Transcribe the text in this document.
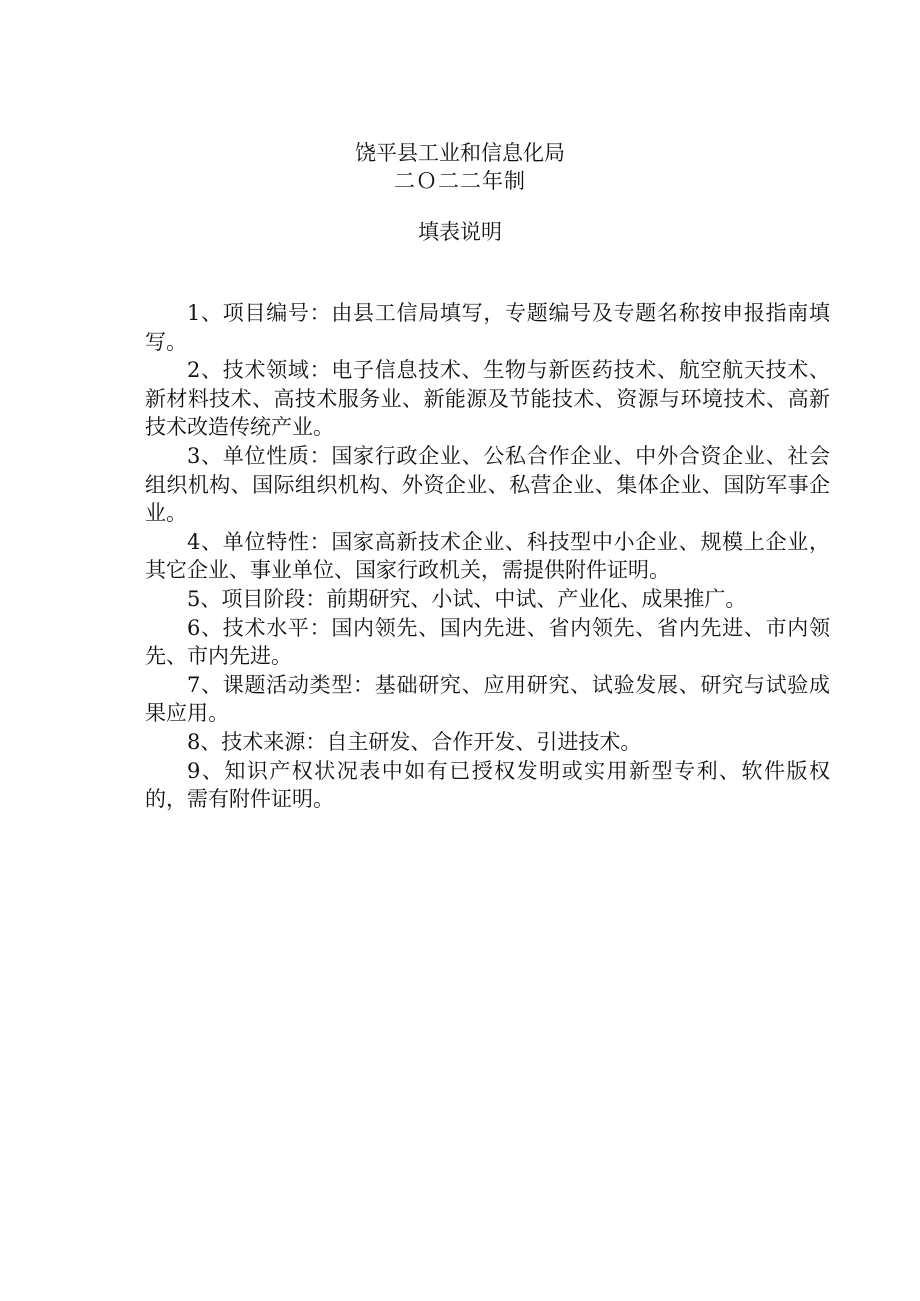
饶平县工业和信息化局
二Ｏ二二年制
填表说明

1、项目编号：由县工信局填写，专题编号及专题名称按申报指南填写。

2、技术领域：电子信息技术、生物与新医药技术、航空航天技术、新材料技术、高技术服务业、新能源及节能技术、资源与环境技术、高新技术改造传统产业。

3、单位性质：国家行政企业、公私合作企业、中外合资企业、社会组织机构、国际组织机构、外资企业、私营企业、集体企业、国防军事企业。

4、单位特性：国家高新技术企业、科技型中小企业、规模上企业，其它企业、事业单位、国家行政机关，需提供附件证明。

5、项目阶段：前期研究、小试、中试、产业化、成果推广。

6、技术水平：国内领先、国内先进、省内领先、省内先进、市内领先、市内先进。

7、课题活动类型：基础研究、应用研究、试验发展、研究与试验成果应用。

8、技术来源：自主研发、合作开发、引进技术。

9、知识产权状况表中如有已授权发明或实用新型专利、软件版权的，需有附件证明。
